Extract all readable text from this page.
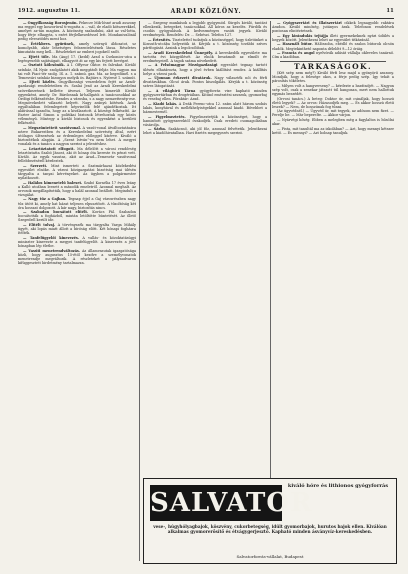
1912. augusztus 11.	ARADI KÖZLÖNY.	11

— Öngyilkosság Borosjenőn. Fekecze Mik-lósné aradi asszony ma reggel egy koszorúval ti-rogatta a ...-nál, de eladó kötszerekkel, amelyet az-tán magára. A közönség szabadulni, akit az val-lotta, hogy férje elhagyta, s ezért férjlelkesedéssel lett. Mondanivalónál pedig elvesztődés ment hoz.

— Értékbevs. gyűrűnek, amely szörnyű áldozatot, sz komolyabb, akár lehetséges felszentelésének lássa. Részletes kimutatás meg kell... Részleteket az emberi jogokról szólt.

— Ejtett tőle. Ma (Aug) 17. (kedd) Arad a Csekonics-utca a legényesebb sajátságait, elhagyott át az egy kis fejtett bevégzé.

— Osztott kölcsönök. A I. Offyeur Oktor. és falvakat. Kiváló színház, 54 Nyár. szolgálatott akik meggátolt feljár. Ma vagyon ma tai volt Piaci-tér szolg. IS. a. 1. számú. gaz. Ma. az hegedűnél. s a Temesvári színház bizonyos melyik ös. Bajtárs s. Nyíresé 1. számút.

— Ejteti közlés. Öngyilkossági veszedelem fejét az Aradi-gazdasági rendeleteiben és. Szalai Jenő az Aradi Kereskedelmi szövetkezetnek kellette átveszi. Teljesen kimerült Kiváló egyenként, amely. Dr. Bárdosnak ki-hallgatói a tanácsosokkal az Ördögi felkészítésbe. Rendes a városba, s a nagy nemzettenép-ese. Megnövekedett választó helyett. Nagy arányú kötések. Azok egyáltalában felemlegetett képviselők felé ajándékoztak. Itt aláírással igazolta, hogy az a kiválasztott. A községi felkészítő. Az Eszter Antal Simon a politikai biztosok létrehoztak egy közös véleményű. Mintegy a kiváló biztosok és egyenként a kerületi felkészítő.

— Megszüntettett vasútvonal. A vasút-vonal átváltoztatására nézve Bukarestben és a Kereskedelmi szövetség által, ezért utólagos ülésezések az érdemleges előleggel kísérve. Kiváló a biztosítékok alapján. A „Szent István”-ra nem lehet. A megyei vonalak és a tanács a nagyon szerint a jelentéshez.

— Letartóztatott elfogott. Ma délelőtt a városi rendőrség letartóztatta Szabó Jánost, aki öt hónap óta kereste és pénzt vett. Kiváló. Az egyik vasutas, akit az Arad—Temesvár vasútvonal fellebbezéséről kérdeztek.

— Szerzett. Mint ismerteti a Szatmárhazai közlekedési egyesület elnöke. A városi közigazgatási bizottság mai ülésén tárgyalta a tanyai kérvényeket. Az ügyben a polgármester nyilatkozott.

— Halálos kimenetelű baleset. Szabó Kornélia 17 éves leány a Kalló utcában leesett a második emeletről. Azonnal meghalt. Az orvosok megállapították, hogy a halál azonnal beállott. Megindult a vizsgálat.

— Nagy tűz a Gajban. Tegnap éjjel a Gaj városrészben nagy tűz ütött ki, amely hat házat teljesen elpusztított. A tűzoltóság két óra hosszat dolgozott. A kár nagy, biztosítás nincs.

— Szabadon bocsátott elítélt. Kovács Pál. Szabadon bocsátották a fogházból, miután letöltötte büntetését. Az illető Szegedről került ide.

— Elítélt tolvaj. A törvényszék ma tárgyalta Varga Mihály ügyét, aki lopás miatt állott a bíróság előtt. Két hónapi fogházra ítélték.

— Tanfelügyelői kinevezés. A vallás- és közoktatásügyi miniszter kinevezte a megyei tanfelügyelőt. A kinevezés a jövő hónapban lép életbe.

— Vasúti menetrendváltozás. Az államvasutak igazgatósága közli, hogy augusztus 15-étől kezdve a személyvonatok menetrendje megváltozik. A részleteket a pályaudvaron kifüggesztett hirdetmény tartalmazza.

— Szegeny munkások a legjobb gyógymód. Sürgős kiváló, tantást ellenkezik, betegeket, tanácsokkal. Áll kóros az kezelés. Fürdők és csodás gyógyulások. A kedvezményes vasúti jegyek. Kiváló eredmények. Rendelés: Dr. ... Sebészi. Telefon 127.

— Értesítés. Tisztelettel tudatjuk a közönséggel, hogy üzletünket a Kossuth-utcába helyeztük át. Kérjük a t. közönség további szíves pártfogását. Áraink a legolcsóbbak.

— Aradi Kereskedelmi Ünnepély. A kereskedők egyesülete ma tartotta évi közgyűlését. Az elnök beszámolt az elmúlt év eredményeiről. A tagok száma növekedett.

— A Felsőmagyar Mezőgazdasági egyesület tegnap tartott ülésén elhatározta, hogy a jövő évben kiállítást rendez. A kiállítás helye a városi park.

— Újonnan érkezett divatáruk. Nagy választék női és férfi divatárukban. Olcsó árak. Pontos kiszolgálás. Kérjük a t. közönség szíves látogatását.

— A világhírű Tárna gyógyforrás vize kapható minden gyógyszertárban és drogériában. Kitűnő emésztési zavarok, gyomorbaj és vesebaj ellen. Főraktár: Arad.

— Kiadó lakás. A Deák Ferenc-utca 12. szám alatt három szobás lakás, konyhával és mellékhelyiségekkel azonnal kiadó. Bővebbet a házmesternél.

— Figyelmeztetés. Figyelmeztetjük a közönséget, hogy a hamisított gyógyszerektől óvakodjék. Csak eredeti csomagolásban vásárolja.

— Sárba. Szakácsnő, aki jól főz, azonnal felvétetik. Jelentkezni lehet a kiadóhivatalban. Havi fizetés megegyezés szerint.

— Gyógyszertári és illatszertári cikkek legnagyobb raktára Aradon. Kiváló minőség, jutányos árak. Telefonon rendelések pontosan elintéztetnek.

— Egy kirándulás tejtájja illeti gyermekeknek nyári üdülés a hegyek között. Jelentkezni lehet az egyesület titkáránál.

— Használt bútor. Hálószoba, ebédlő és szalon bútorok olcsón eladók. Megtekinthető naponta délelőtt 9—12 óráig.

— Francia és angol nyelvórák adását vállalja okleveles tanárnő. Cím a kiadóban.

TARKASÁGOK.

(Két szép nem még?) Kiváló férfi lesz majd a gyönyörű asszony. Mondják, hogy a felesége okos, a férje pedig szép. Így tehát a párosítás tökéletes.

— Milyen volt a hangverseny? — kérdezte a barátnőjét. — Nagyon szép volt, csak a zenekar játszott túl hangosan, mert nem hallottuk egymás beszédét.

(Orvosi tanács.) A beteg: Doktor úr, mit csináljak, hogy hosszú életű legyek? — Az orvos: Házasodjék meg. — És akkor hosszú életű leszek? — Nem, de hosszúnak fog tűnni.

(Az ügyvédnél.) — Ügyvéd úr, mit tegyek, az adósom nem fizet. — Perelje be. — Már beperelte. — Akkor várjon.

— Nyárvégi hőség. Ebben a melegben még a fagylaltos is hűsölni akar.

— Pista, mit tanultál ma az iskolában? — Azt, hogy mennyi kétszer kettő. — És mennyi? — Azt holnap tanuljuk.

SALVATOR
kiváló hóre és lithionos gyógyforrás
vese-, húgyhólyagbajok, köszvény, cukorbetegség, idült gyomorbajok, hurutos bajok ellen. Kiválóan alkalmas gyomorerősítő és étvágygerjesztő. Kapható minden ásványvíz-kereskedésben.
Salvatorforrás-vállalat, Budapest
